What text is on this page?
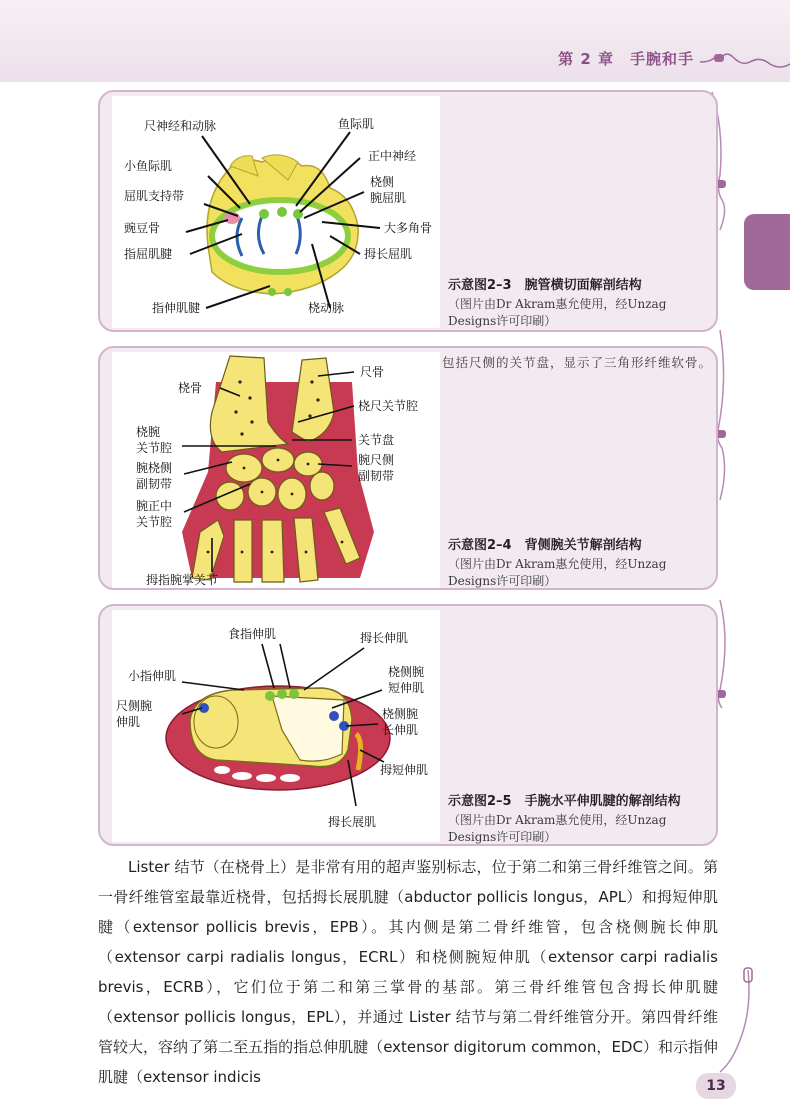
第 2 章　手腕和手
尺神经和动脉	鱼际肌
小鱼际肌
正中神经
桡侧
腕屈肌
屈肌支持带
豌豆骨	大多角骨
指屈肌腱	拇长屈肌
指伸肌腱	桡动脉
示意图2–3　腕管横切面解剖结构
（图片由Dr Akram惠允使用，经Unzag Designs许可印刷）
尺骨
桡骨
桡尺关节腔
桡腕
关节腔
关节盘
腕桡侧
副韧带
腕尺侧
副韧带
腕正中
关节腔
拇指腕掌关节
包括尺侧的关节盘，显示了三角形纤维软骨。
示意图2–4　背侧腕关节解剖结构
（图片由Dr Akram惠允使用，经Unzag Designs许可印刷）
食指伸肌	拇长伸肌
小指伸肌	桡侧腕
短伸肌
尺侧腕
伸肌
桡侧腕
长伸肌
拇短伸肌
拇长展肌
示意图2–5　手腕水平伸肌腱的解剖结构
（图片由Dr Akram惠允使用，经Unzag Designs许可印刷）

Lister 结节（在桡骨上）是非常有用的超声鉴别标志，位于第二和第三骨纤维管之间。第一骨纤维管室最靠近桡骨，包括拇长展肌腱（abductor pollicis longus，APL）和拇短伸肌腱（extensor pollicis brevis，EPB）。其内侧是第二骨纤维管，包含桡侧腕长伸肌（extensor carpi radialis longus，ECRL）和桡侧腕短伸肌（extensor carpi radialis brevis，ECRB），它们位于第二和第三掌骨的基部。第三骨纤维管包含拇长伸肌腱（extensor pollicis longus，EPL），并通过 Lister 结节与第二骨纤维管分开。第四骨纤维管较大，容纳了第二至五指的指总伸肌腱（extensor digitorum common，EDC）和示指伸肌腱（extensor indicis	13
